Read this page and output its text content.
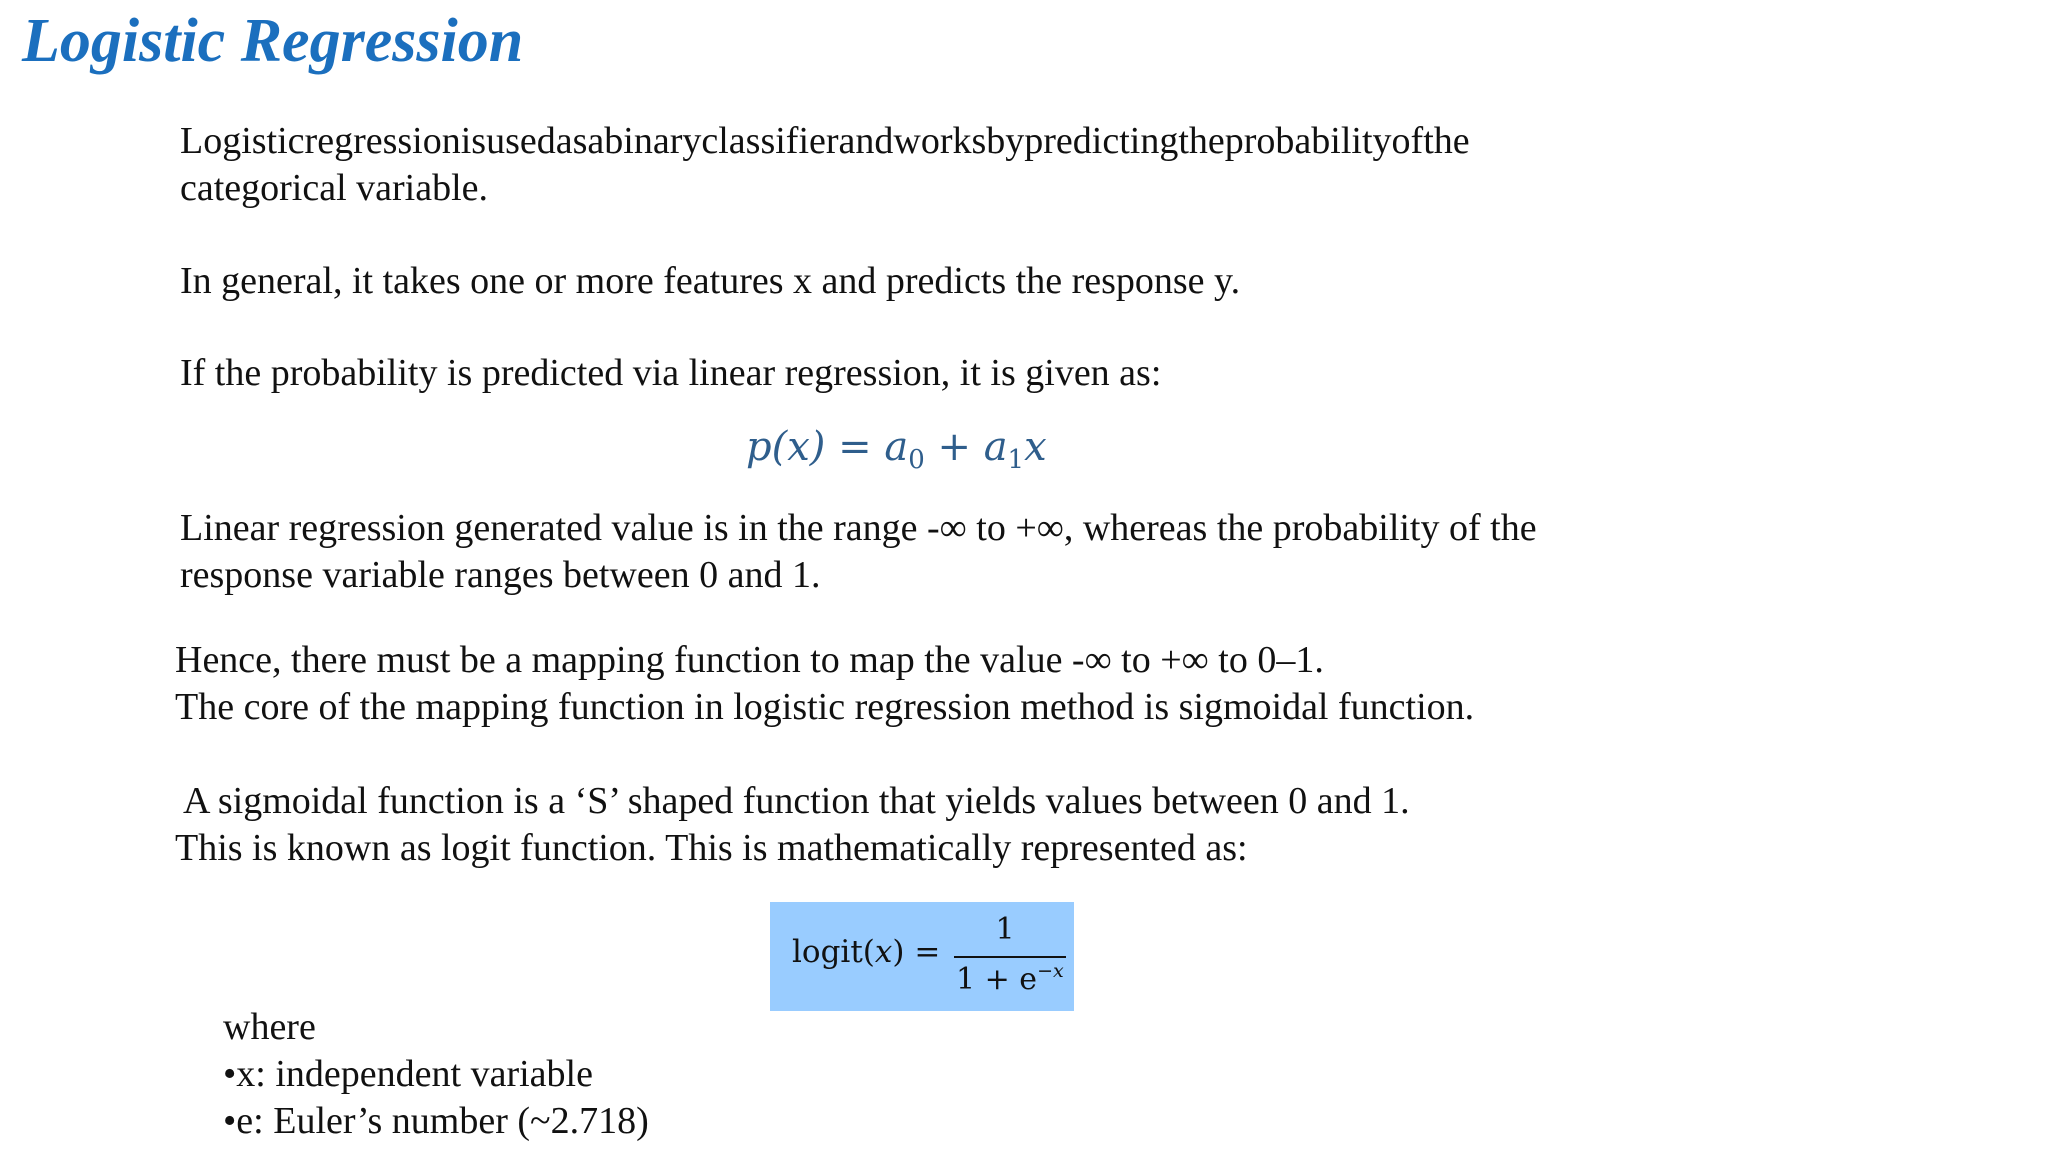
Logistic Regression
Logisticregressionisusedasabinaryclassifierandworksbypredictingtheprobabilityofthe
categorical variable.
In general, it takes one or more features x and predicts the response y.
If the probability is predicted via linear regression, it is given as:
$p(x) = a_0 + a_1x$
Linear regression generated value is in the range -∞ to +∞, whereas the probability of the
response variable ranges between 0 and 1.
Hence, there must be a mapping function to map the value -∞ to +∞ to 0–1.
The core of the mapping function in logistic regression method is sigmoidal function.
A sigmoidal function is a ‘S’ shaped function that yields values between 0 and 1.
This is known as logit function. This is mathematically represented as:
logit(x) =
1
$1 + e^{-x}$
where
•x: independent variable
•e: Euler’s number (~2.718)
